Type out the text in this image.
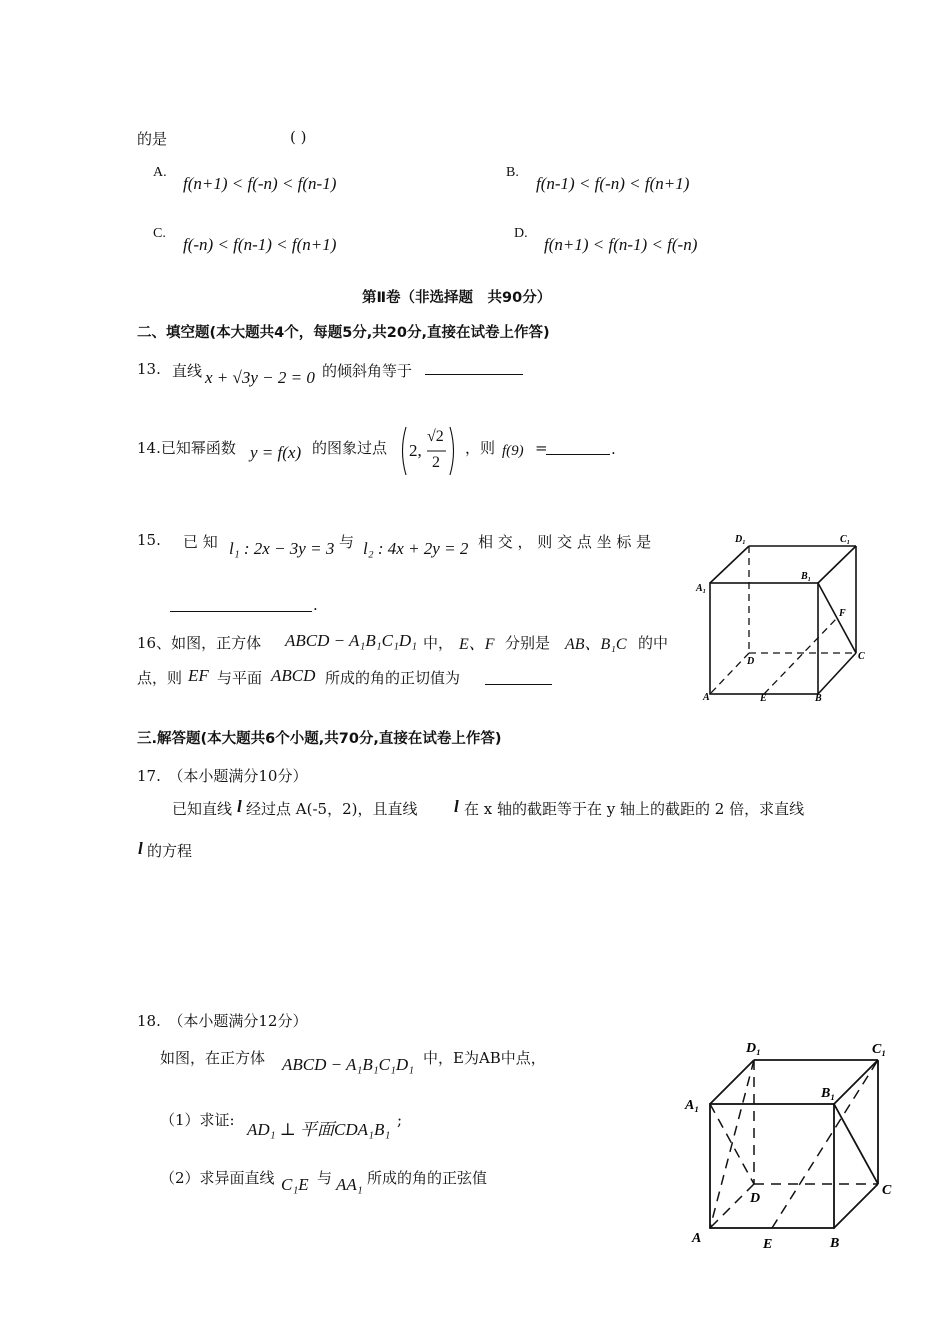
的是	( )
A.
f(n+1) < f(-n) < f(n-1)
B.
f(n-1) < f(-n) < f(n+1)
C.
f(-n) < f(n-1) < f(n+1)
D.
f(n+1) < f(n-1) < f(-n)
第Ⅱ卷（非选择题　共90分）
二、填空题(本大题共4个，每题5分,共20分,直接在试卷上作答)
13. 直线 x + √3y − 2 = 0 的倾斜角等于
14.已知幂函数 y = f(x) 的图象过点 2,
√2
2
，则 f(9) =	.
15. 已 知 l₁ : 2x − 3y = 3 与 l₂ : 4x + 2y = 2 相 交 ， 则 交 点 坐 标 是
.
16、如图，正方体 ABCD − A₁B₁C₁D₁ 中， E、F 分别是 AB、B₁C 的中
点，则 EF 与平面 ABCD 所成的角的正切值为
D₁	C₁
A₁
B₁
F
D	C
A	E	B
三.解答题(本大题共6个小题,共70分,直接在试卷上作答)
17.　（本小题满分10分）
已知直线 l 经过点 A(-5，2)，且直线 l 在 x 轴的截距等于在 y 轴上的截距的 2 倍，求直线
l 的方程
18.　（本小题满分12分）
如图，在正方体 ABCD − A₁B₁C₁D₁ 中，E为AB中点，
（1）求证: AD₁ ⊥ 平面CDA₁B₁ ;
（2）求异面直线 C₁E 与 AA₁ 所成的角的正弦值
D₁	C₁
A₁
B₁
D
C
A	E	B
